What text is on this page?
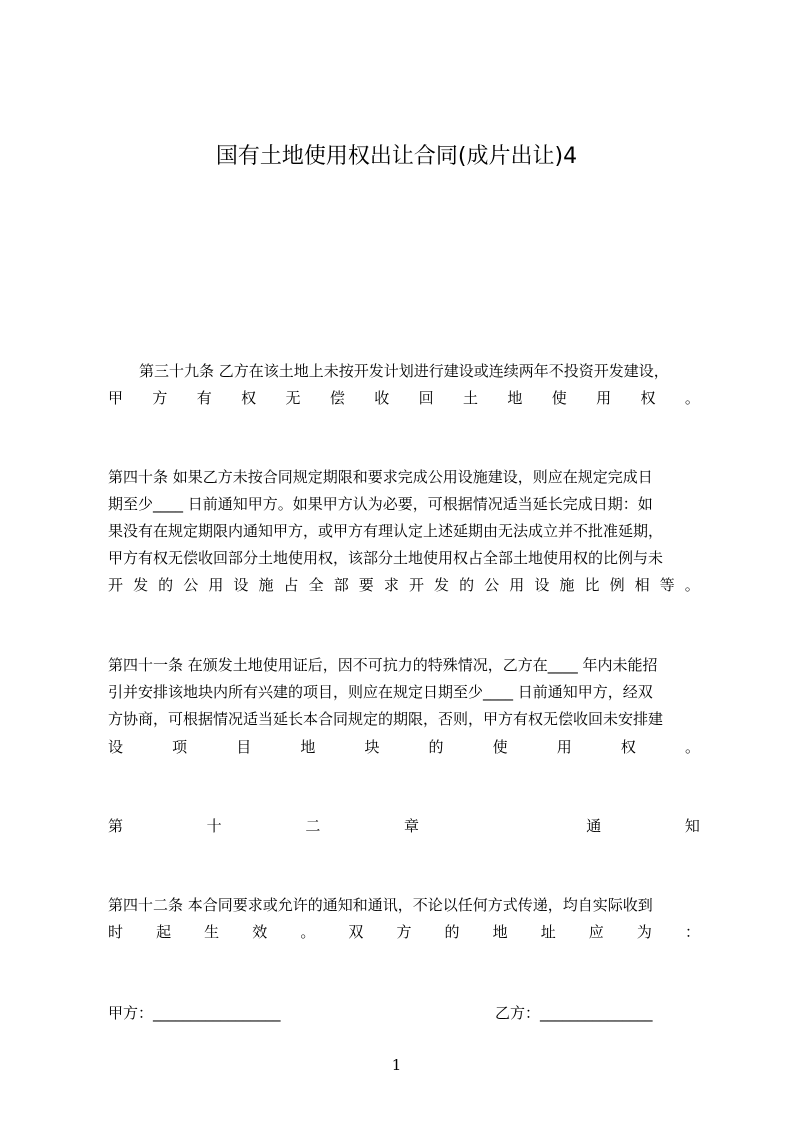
国有土地使用权出让合同(成片出让)4
第三十九条 乙方在该土地上未按开发计划进行建设或连续两年不投资开发建设，
甲 方 有 权 无 偿 收 回 土 地 使 用 权 。
第四十条 如果乙方未按合同规定期限和要求完成公用设施建设，则应在规定完成日
期至少____ 日前通知甲方。如果甲方认为必要，可根据情况适当延长完成日期：如
果没有在规定期限内通知甲方，或甲方有理认定上述延期由无法成立并不批准延期，
甲方有权无偿收回部分土地使用权，该部分土地使用权占全部土地使用权的比例与未
开 发 的 公 用 设 施 占 全 部 要 求 开 发 的 公 用 设 施 比 例 相 等 。
第四十一条 在颁发土地使用证后，因不可抗力的特殊情况，乙方在____ 年内未能招
引并安排该地块内所有兴建的项目，则应在规定日期至少____ 日前通知甲方，经双
方协商，可根据情况适当延长本合同规定的期限，否则，甲方有权无偿收回未安排建
设	项	目	地	块	的	使	用	权	。
第	十	二	章	通	知
第四十二条 本合同要求或允许的通知和通讯，不论以任何方式传递，均自实际收到
时 起 生 效 。 双 方 的 地 址 应 为 ：
甲方：_________________	乙方：_______________
1
